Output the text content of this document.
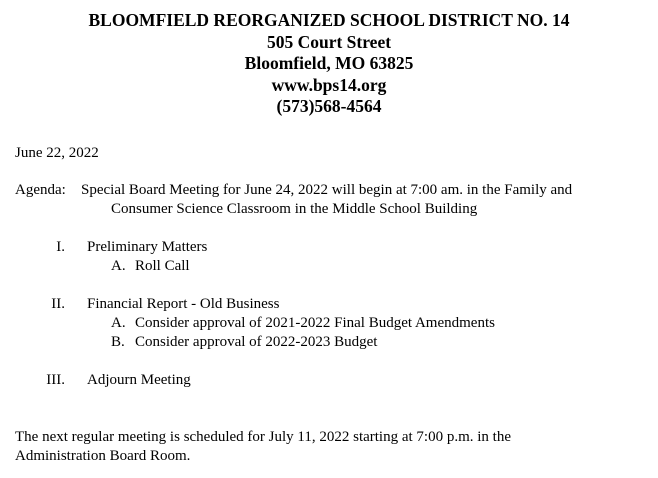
BLOOMFIELD REORGANIZED SCHOOL DISTRICT NO. 14
505 Court Street
Bloomfield, MO 63825
www.bps14.org
(573)568-4564
June 22, 2022
Agenda: Special Board Meeting for June 24, 2022 will begin at 7:00 am. in the Family and
Consumer Science Classroom in the Middle School Building
I. Preliminary Matters
A. Roll Call
II. Financial Report - Old Business
A. Consider approval of 2021-2022 Final Budget Amendments
B. Consider approval of 2022-2023 Budget
III. Adjourn Meeting
The next regular meeting is scheduled for July 11, 2022 starting at 7:00 p.m. in the
Administration Board Room.
